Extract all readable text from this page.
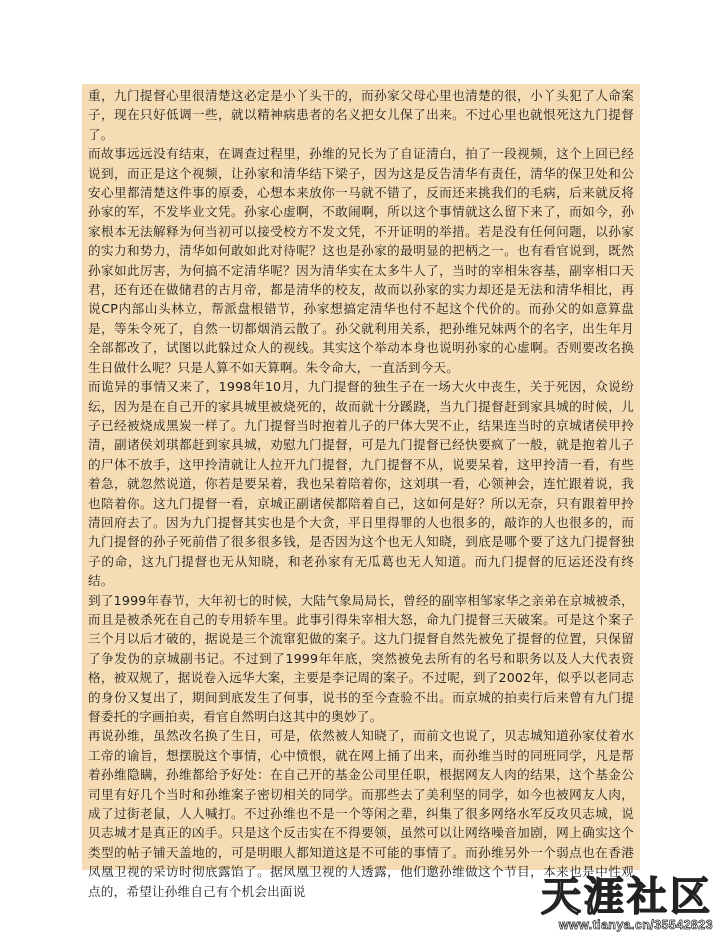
重，九门提督心里很清楚这必定是小丫头干的，而孙家父母心里也清楚的很，小丫头犯了人命案子，现在只好低调一些，就以精神病患者的名义把女儿保了出来。不过心里也就恨死这九门提督了。

而故事远远没有结束，在调查过程里，孙维的兄长为了自证清白，拍了一段视频，这个上回已经说到，而正是这个视频，让孙家和清华结下梁子，因为这是反告清华有责任，清华的保卫处和公安心里都清楚这件事的原委，心想本来放你一马就不错了，反而还来挑我们的毛病，后来就反将孙家的军，不发毕业文凭。孙家心虚啊，不敢闹啊，所以这个事情就这么留下来了，而如今，孙家根本无法解释为何当初可以接受校方不发文凭，不开证明的举措。若是没有任何问题，以孙家的实力和势力，清华如何敢如此对待呢？这也是孙家的最明显的把柄之一。也有看官说到，既然孙家如此厉害，为何搞不定清华呢？因为清华实在太多牛人了，当时的宰相朱容基，副宰相口天君，还有还在做储君的古月帝，都是清华的校友，故而以孙家的实力却还是无法和清华相比，再说CP内部山头林立，帮派盘根错节，孙家想搞定清华也付不起这个代价的。而孙父的如意算盘是，等朱令死了，自然一切都烟消云散了。孙父就利用关系，把孙维兄妹两个的名字，出生年月全部都改了，试图以此躲过众人的视线。其实这个举动本身也说明孙家的心虚啊。否则要改名换生日做什么呢？只是人算不如天算啊。朱令命大，一直活到今天。

而诡异的事情又来了，1998年10月，九门提督的独生子在一场大火中丧生，关于死因，众说纷纭，因为是在自己开的家具城里被烧死的，故而就十分蹊跷，当九门提督赶到家具城的时候，儿子已经被烧成黑炭一样了。九门提督当时抱着儿子的尸体大哭不止，结果连当时的京城诸侯甲拎清，副诸侯刘琪都赶到家具城，劝慰九门提督，可是九门提督已经快要疯了一般，就是抱着儿子的尸体不放手，这甲拎清就让人拉开九门提督，九门提督不从，说要呆着，这甲拎清一看，有些着急，就忽然说道，你若是要呆着，我也呆着陪着你，这刘琪一看，心领神会，连忙跟着说，我也陪着你。这九门提督一看，京城正副诸侯都陪着自己，这如何是好？所以无奈，只有跟着甲拎清回府去了。因为九门提督其实也是个大贪，平日里得罪的人也很多的，敲诈的人也很多的，而九门提督的孙子死前借了很多很多钱，是否因为这个也无人知晓，到底是哪个要了这九门提督独子的命，这九门提督也无从知晓，和老孙家有无瓜葛也无人知道。而九门提督的厄运还没有终结。

到了1999年春节，大年初七的时候，大陆气象局局长，曾经的副宰相邹家华之亲弟在京城被杀，而且是被杀死在自己的专用轿车里。此事引得朱宰相大怒，命九门提督三天破案。可是这个案子三个月以后才破的，据说是三个流窜犯做的案子。这九门提督自然先被免了提督的位置，只保留了争发伪的京城副书记。不过到了1999年年底，突然被免去所有的名号和职务以及人大代表资格，被双规了，据说卷入远华大案，主要是李记周的案子。不过呢，到了2002年，似乎以老同志的身份又复出了，期间到底发生了何事，说书的至今查验不出。而京城的拍卖行后来曾有九门提督委托的字画拍卖，看官自然明白这其中的奥妙了。

再说孙维，虽然改名换了生日，可是，依然被人知晓了，而前文也说了，贝志城知道孙家仗着水工帝的谕旨，想摆脱这个事情，心中愤恨，就在网上捅了出来，而孙维当时的同班同学，凡是帮着孙维隐瞒，孙维都给予好处：在自己开的基金公司里任职，根据网友人肉的结果，这个基金公司里有好几个当时和孙维案子密切相关的同学。而那些去了美利坚的同学，如今也被网友人肉，成了过街老鼠，人人喊打。不过孙维也不是一个等闲之辈，纠集了很多网络水军反攻贝志城，说贝志城才是真正的凶手。只是这个反击实在不得要领，虽然可以让网络噪音加剧，网上确实这个类型的帖子铺天盖地的，可是明眼人都知道这是不可能的事情了。而孙维另外一个弱点也在香港凤凰卫视的采访时彻底露馅了。据凤凰卫视的人透露，他们邀孙维做这个节目，本来也是中性观点的，希望让孙维自己有个机会出面说	天涯社区
www.tianya.cn/35542823
